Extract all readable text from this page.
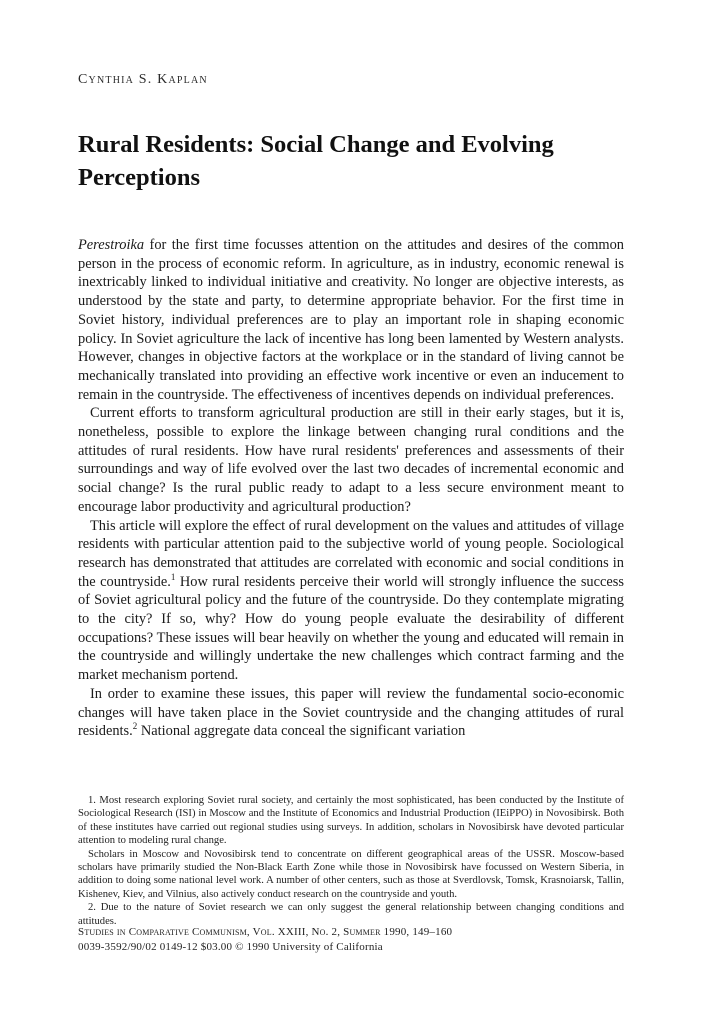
Cynthia S. Kaplan
Rural Residents: Social Change and Evolving Perceptions

Perestroika for the first time focusses attention on the attitudes and desires of the common person in the process of economic reform. In agriculture, as in industry, economic renewal is inextricably linked to individual initiative and creativity. No longer are objective interests, as understood by the state and party, to determine appropriate behavior. For the first time in Soviet history, individual preferences are to play an important role in shaping economic policy. In Soviet agriculture the lack of incentive has long been lamented by Western analysts. However, changes in objective factors at the workplace or in the standard of living cannot be mechanically translated into providing an effective work incentive or even an inducement to remain in the countryside. The effectiveness of incentives depends on individual preferences.

Current efforts to transform agricultural production are still in their early stages, but it is, nonetheless, possible to explore the linkage between changing rural conditions and the attitudes of rural residents. How have rural residents' preferences and assessments of their surroundings and way of life evolved over the last two decades of incremental economic and social change? Is the rural public ready to adapt to a less secure environment meant to encourage labor productivity and agricultural production?

This article will explore the effect of rural development on the values and attitudes of village residents with particular attention paid to the subjective world of young people. Sociological research has demonstrated that attitudes are correlated with economic and social conditions in the countryside.$^1$ How rural residents perceive their world will strongly influence the success of Soviet agricultural policy and the future of the countryside. Do they contemplate migrating to the city? If so, why? How do young people evaluate the desirability of different occupations? These issues will bear heavily on whether the young and educated will remain in the countryside and willingly undertake the new challenges which contract farming and the market mechanism portend.

In order to examine these issues, this paper will review the fundamental socio-economic changes will have taken place in the Soviet countryside and the changing attitudes of rural residents.$^2$ National aggregate data conceal the significant variation

1. Most research exploring Soviet rural society, and certainly the most sophisticated, has been conducted by the Institute of Sociological Research (ISI) in Moscow and the Institute of Economics and Industrial Production (IEiPPO) in Novosibirsk. Both of these institutes have carried out regional studies using surveys. In addition, scholars in Novosibirsk have devoted particular attention to modeling rural change.

Scholars in Moscow and Novosibirsk tend to concentrate on different geographical areas of the USSR. Moscow-based scholars have primarily studied the Non-Black Earth Zone while those in Novosibirsk have focussed on Western Siberia, in addition to doing some national level work. A number of other centers, such as those at Sverdlovsk, Tomsk, Krasnoiarsk, Tallin, Kishenev, Kiev, and Vilnius, also actively conduct research on the countryside and youth.

2. Due to the nature of Soviet research we can only suggest the general relationship between changing conditions and attitudes.

Studies in Comparative Communism, Vol. XXIII, No. 2, Summer 1990, 149–160
0039-3592/90/02 0149-12 $03.00 © 1990 University of California
